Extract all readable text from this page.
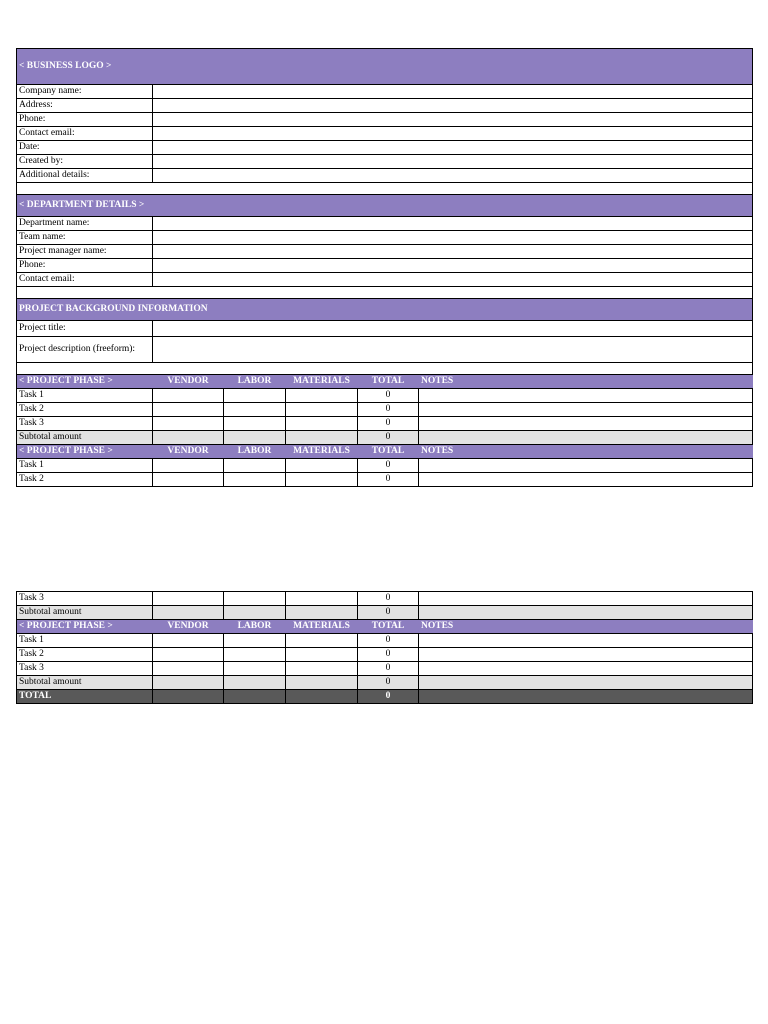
< BUSINESS LOGO >					
Company name:					
Address:					
Phone:					
Contact email:					
Date:					
Created by:					
Additional details:					

< DEPARTMENT DETAILS >					
Department name:					
Team name:					
Project manager name:					
Phone:					
Contact email:					

PROJECT BACKGROUND INFORMATION					
Project title:					
Project description (freeform):					

< PROJECT PHASE >	VENDOR	LABOR	MATERIALS	TOTAL	NOTES
Task 1				0	
Task 2				0	
Task 3				0	
Subtotal amount				0	
< PROJECT PHASE >	VENDOR	LABOR	MATERIALS	TOTAL	NOTES
Task 1				0	
Task 2				0	
Task 3				0	
Subtotal amount				0	
< PROJECT PHASE >	VENDOR	LABOR	MATERIALS	TOTAL	NOTES
Task 1				0	
Task 2				0	
Task 3				0	
Subtotal amount				0	
TOTAL				0	
